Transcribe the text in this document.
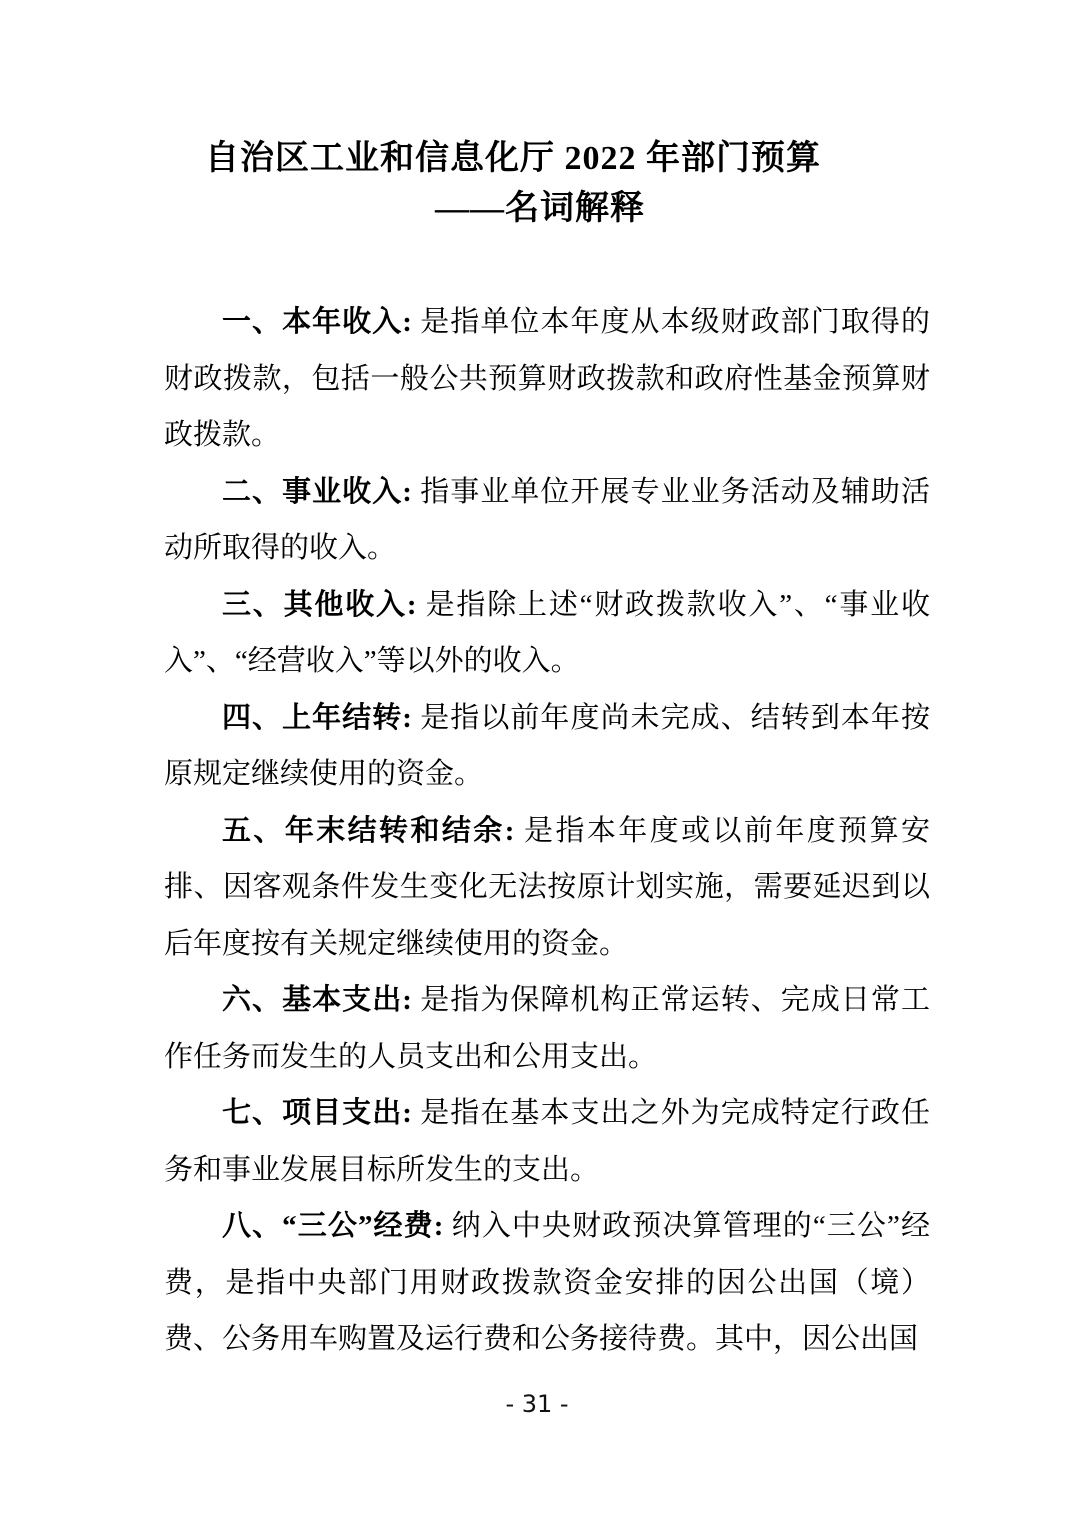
自治区工业和信息化厅 2022 年部门预算
——名词解释

一、本年收入: 是指单位本年度从本级财政部门取得的财政拨款，包括一般公共预算财政拨款和政府性基金预算财政拨款。

二、事业收入: 指事业单位开展专业业务活动及辅助活动所取得的收入。

三、其他收入: 是指除上述“财政拨款收入”、“事业收入”、“经营收入”等以外的收入。

四、上年结转: 是指以前年度尚未完成、结转到本年按原规定继续使用的资金。

五、年末结转和结余: 是指本年度或以前年度预算安排、因客观条件发生变化无法按原计划实施，需要延迟到以后年度按有关规定继续使用的资金。

六、基本支出: 是指为保障机构正常运转、完成日常工作任务而发生的人员支出和公用支出。

七、项目支出: 是指在基本支出之外为完成特定行政任务和事业发展目标所发生的支出。

八、“三公”经费: 纳入中央财政预决算管理的“三公”经费，是指中央部门用财政拨款资金安排的因公出国（境）费、公务用车购置及运行费和公务接待费。其中，因公出国

- 31 -
